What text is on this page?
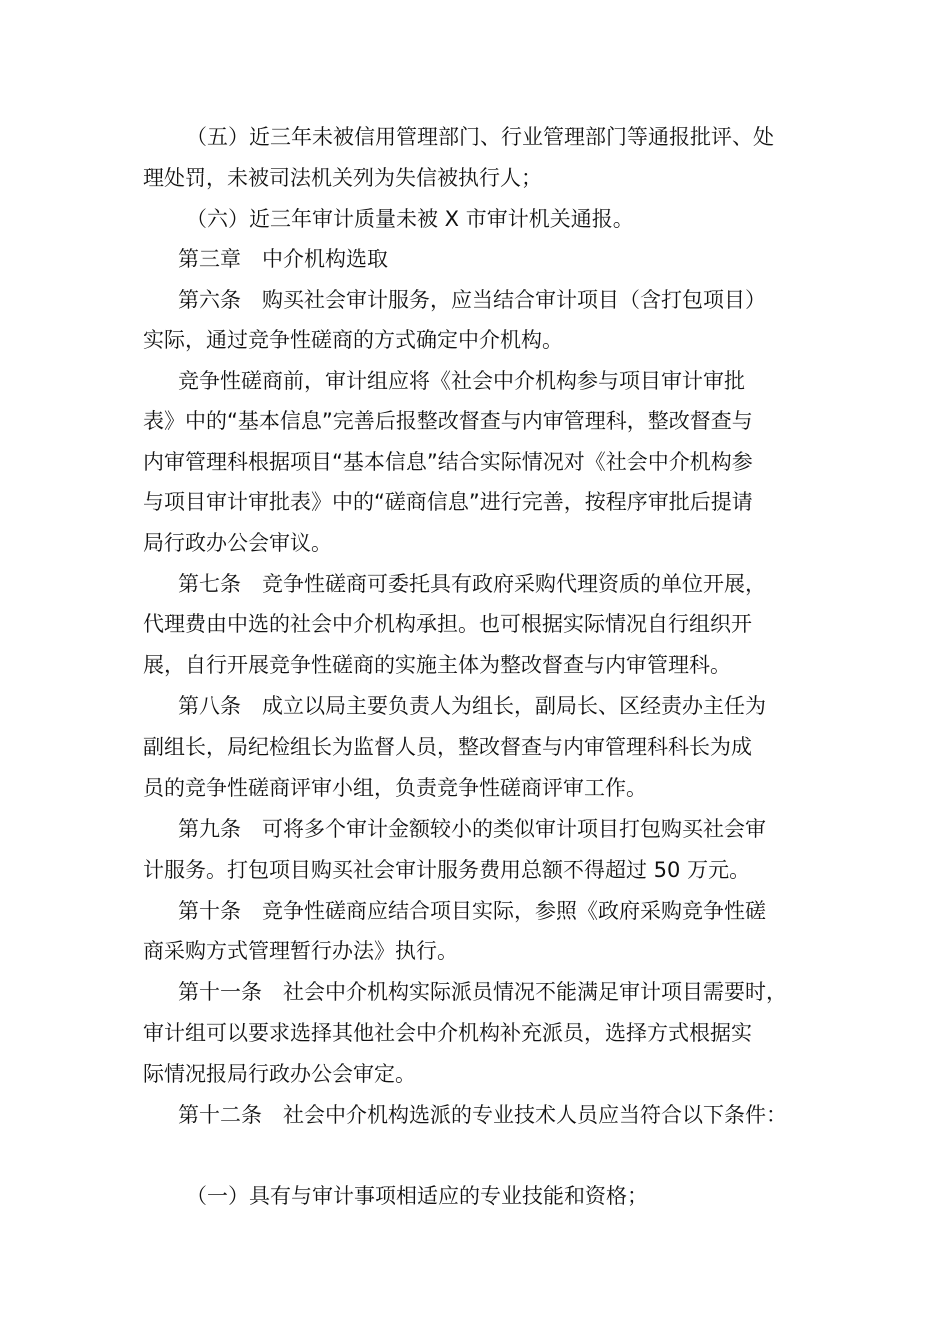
（五）近三年未被信用管理部门、行业管理部门等通报批评、处
理处罚，未被司法机关列为失信被执行人；
（六）近三年审计质量未被 X 市审计机关通报。
第三章　中介机构选取
第六条　购买社会审计服务，应当结合审计项目（含打包项目）
实际，通过竞争性磋商的方式确定中介机构。
竞争性磋商前，审计组应将《社会中介机构参与项目审计审批
表》中的“基本信息”完善后报整改督查与内审管理科，整改督查与
内审管理科根据项目“基本信息”结合实际情况对《社会中介机构参
与项目审计审批表》中的“磋商信息”进行完善，按程序审批后提请
局行政办公会审议。
第七条　竞争性磋商可委托具有政府采购代理资质的单位开展，
代理费由中选的社会中介机构承担。也可根据实际情况自行组织开
展，自行开展竞争性磋商的实施主体为整改督查与内审管理科。
第八条　成立以局主要负责人为组长，副局长、区经责办主任为
副组长，局纪检组长为监督人员，整改督查与内审管理科科长为成
员的竞争性磋商评审小组，负责竞争性磋商评审工作。
第九条　可将多个审计金额较小的类似审计项目打包购买社会审
计服务。打包项目购买社会审计服务费用总额不得超过 50 万元。
第十条　竞争性磋商应结合项目实际，参照《政府采购竞争性磋
商采购方式管理暂行办法》执行。
第十一条　社会中介机构实际派员情况不能满足审计项目需要时，
审计组可以要求选择其他社会中介机构补充派员，选择方式根据实
际情况报局行政办公会审定。
第十二条　社会中介机构选派的专业技术人员应当符合以下条件：
（一）具有与审计事项相适应的专业技能和资格；
